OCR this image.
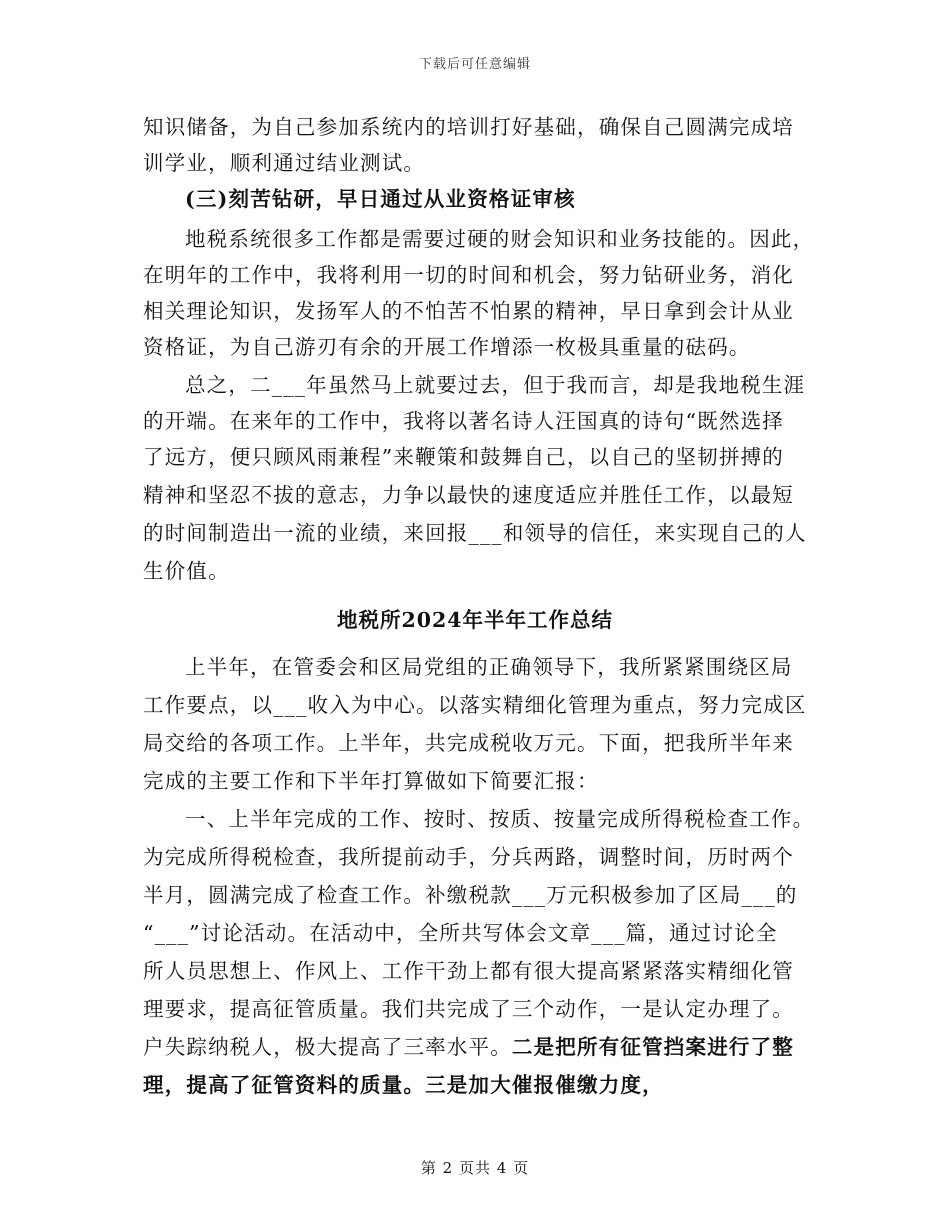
下载后可任意编辑
知识储备，为自己参加系统内的培训打好基础，确保自己圆满完成培
训学业，顺利通过结业测试。
(三)刻苦钻研，早日通过从业资格证审核
地税系统很多工作都是需要过硬的财会知识和业务技能的。因此，
在明年的工作中，我将利用一切的时间和机会，努力钻研业务，消化
相关理论知识，发扬军人的不怕苦不怕累的精神，早日拿到会计从业
资格证，为自己游刃有余的开展工作增添一枚极具重量的砝码。
总之，二___年虽然马上就要过去，但于我而言，却是我地税生涯
的开端。在来年的工作中，我将以著名诗人汪国真的诗句“既然选择
了远方，便只顾风雨兼程”来鞭策和鼓舞自己，以自己的坚韧拼搏的
精神和坚忍不拔的意志，力争以最快的速度适应并胜任工作，以最短
的时间制造出一流的业绩，来回报___和领导的信任，来实现自己的人
生价值。
地税所2024年半年工作总结
上半年，在管委会和区局党组的正确领导下，我所紧紧围绕区局
工作要点，以___收入为中心。以落实精细化管理为重点，努力完成区
局交给的各项工作。上半年，共完成税收万元。下面，把我所半年来
完成的主要工作和下半年打算做如下简要汇报：
一、上半年完成的工作、按时、按质、按量完成所得税检查工作。
为完成所得税检查，我所提前动手，分兵两路，调整时间，历时两个
半月，圆满完成了检查工作。补缴税款___万元积极参加了区局___的
“___”讨论活动。在活动中，全所共写体会文章___篇，通过讨论全
所人员思想上、作风上、工作干劲上都有很大提高紧紧落实精细化管
理要求，提高征管质量。我们共完成了三个动作，一是认定办理了。
户失踪纳税人，极大提高了三率水平。二是把所有征管挡案进行了整
理，提高了征管资料的质量。三是加大催报催缴力度，
第 2 页共 4 页
